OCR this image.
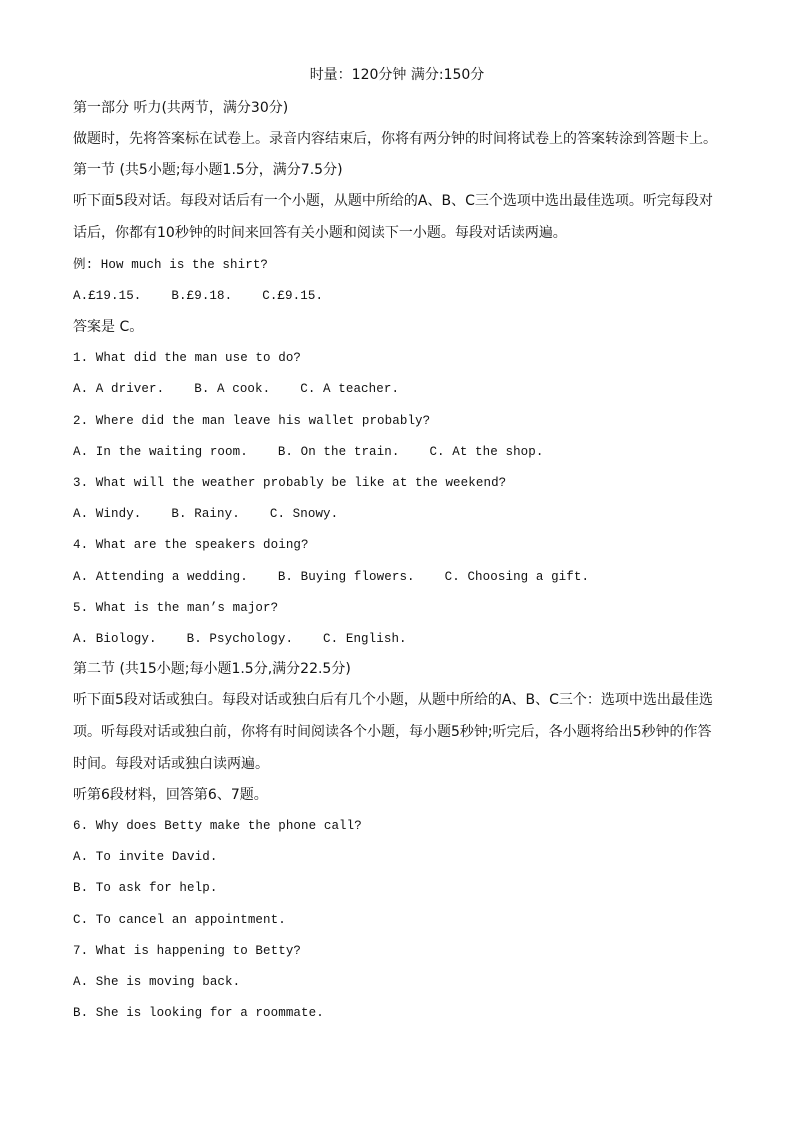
时量：120分钟 满分:150分
第一部分 听力(共两节，满分30分)
做题时，先将答案标在试卷上。录音内容结束后，你将有两分钟的时间将试卷上的答案转涂到答题卡上。
第一节 (共5小题;每小题1.5分，满分7.5分)
听下面5段对话。每段对话后有一个小题，从题中所给的A、B、C三个选项中选出最佳选项。听完每段对
话后，你都有10秒钟的时间来回答有关小题和阅读下一小题。每段对话读两遍。
例: How much is the shirt?
A.£19.15. B.£9.18. C.£9.15.
答案是 C。
1. What did the man use to do?
A. A driver. B. A cook. C. A teacher.
2. Where did the man leave his wallet probably?
A. In the waiting room. B. On the train. C. At the shop.
3. What will the weather probably be like at the weekend?
A. Windy. B. Rainy. C. Snowy.
4. What are the speakers doing?
A. Attending a wedding. B. Buying flowers. C. Choosing a gift.
5. What is the man’s major?
A. Biology. B. Psychology. C. English.
第二节 (共15小题;每小题1.5分,满分22.5分)
听下面5段对话或独白。每段对话或独白后有几个小题，从题中所给的A、B、C三个：选项中选出最佳选
项。听每段对话或独白前，你将有时间阅读各个小题，每小题5秒钟;听完后，各小题将给出5秒钟的作答
时间。每段对话或独白读两遍。
听第6段材料，回答第6、7题。
6. Why does Betty make the phone call?
A. To invite David.
B. To ask for help.
C. To cancel an appointment.
7. What is happening to Betty?
A. She is moving back.
B. She is looking for a roommate.
